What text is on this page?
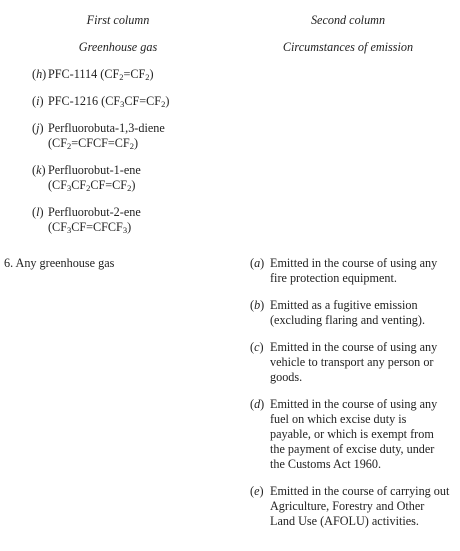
First column	Second column
Greenhouse gas	Circumstances of emission
(h) PFC-1114 $(CF_2=CF_2)$
(i) PFC-1216 $(CF_3CF=CF_2)$
(j) Perfluorobuta-1,3-diene
$(CF_2=CFCF=CF_2)$
(k) Perfluorobut-1-ene
$(CF_3CF_2CF=CF_2)$
(l) Perfluorobut-2-ene
$(CF_3CF=CFCF_3)$
6. Any greenhouse gas	(a) Emitted in the course of using any fire protection equipment.
(b) Emitted as a fugitive emission (excluding flaring and venting).
(c) Emitted in the course of using any vehicle to transport any person or goods.
(d) Emitted in the course of using any fuel on which excise duty is payable, or which is exempt from the payment of excise duty, under the Customs Act 1960.
(e) Emitted in the course of carrying out Agriculture, Forestry and Other Land Use (AFOLU) activities.
